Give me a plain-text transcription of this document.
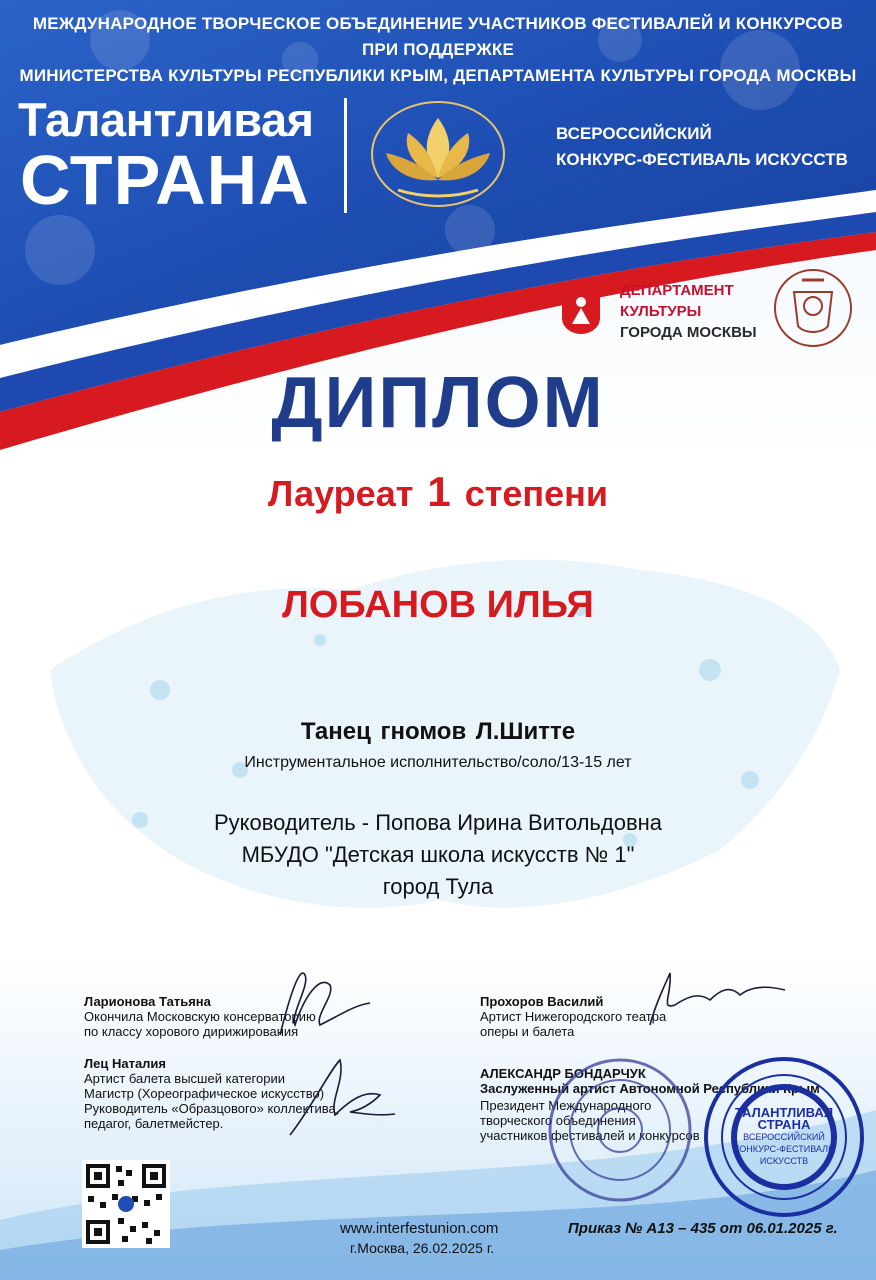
МЕЖДУНАРОДНОЕ ТВОРЧЕСКОЕ ОБЪЕДИНЕНИЕ УЧАСТНИКОВ ФЕСТИВАЛЕЙ И КОНКУРСОВ
ПРИ ПОДДЕРЖКЕ
МИНИСТЕРСТВА КУЛЬТУРЫ РЕСПУБЛИКИ КРЫМ, ДЕПАРТАМЕНТА КУЛЬТУРЫ ГОРОДА МОСКВЫ
Талантливая
СТРАНА
ВСЕРОССИЙСКИЙ
КОНКУРС-ФЕСТИВАЛЬ ИСКУССТВ
ДЕПАРТАМЕНТ
КУЛЬТУРЫ
ГОРОДА МОСКВЫ
ДИПЛОМ
Лауреат 1 степени
ЛОБАНОВ ИЛЬЯ
Танец гномов Л.Шитте
Инструментальное исполнительство/соло/13-15 лет
Руководитель - Попова Ирина Витольдовна
МБУДО "Детская школа искусств № 1"
город Тула
Ларионова Татьяна
Окончила Московскую консерваторию
по классу хорового дирижирования
Лец Наталия
Артист балета высшей категории
Магистр (Хореографическое искусство)
Руководитель «Образцового» коллектива,
педагог, балетмейстер.
Прохоров Василий
Артист Нижегородского театра
оперы и балета
АЛЕКСАНДР БОНДАРЧУК
Заслуженный артист Автономной Республики Крым
Президент Международного
творческого объединения
участников фестивалей и конкурсов
ТАЛАНТЛИВАЯ
СТРАНА
ВСЕРОССИЙСКИЙ
КОНКУРС-ФЕСТИВАЛЬ
ИСКУССТВ
www.interfestunion.com
г.Москва, 26.02.2025 г.
Приказ № А13 – 435 от 06.01.2025 г.
